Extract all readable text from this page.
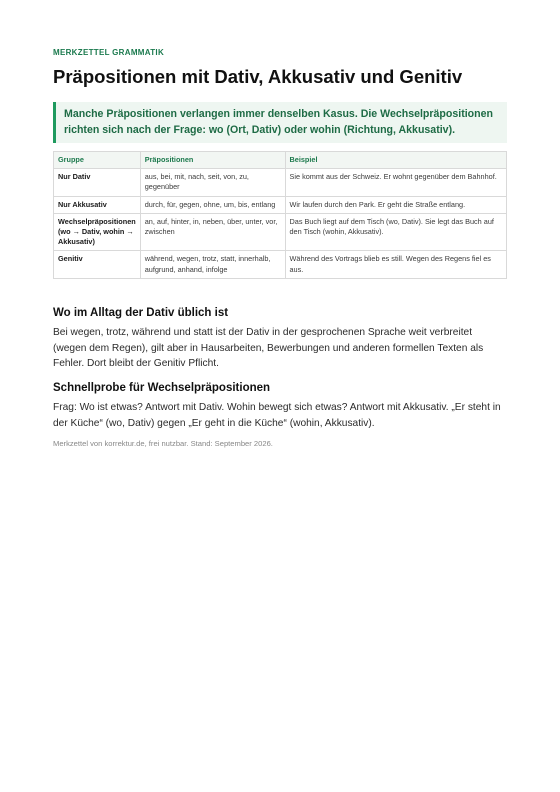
MERKZETTEL GRAMMATIK
Präpositionen mit Dativ, Akkusativ und Genitiv
Manche Präpositionen verlangen immer denselben Kasus. Die Wechselpräpositionen richten sich nach der Frage: wo (Ort, Dativ) oder wohin (Richtung, Akkusativ).
Gruppe	Präpositionen	Beispiel
Nur Dativ	aus, bei, mit, nach, seit, von, zu, gegenüber	Sie kommt aus der Schweiz. Er wohnt gegenüber dem Bahnhof.
Nur Akkusativ	durch, für, gegen, ohne, um, bis, entlang	Wir laufen durch den Park. Er geht die Straße entlang.
Wechselpräpositionen (wo → Dativ, wohin → Akkusativ)	an, auf, hinter, in, neben, über, unter, vor, zwischen	Das Buch liegt auf dem Tisch (wo, Dativ). Sie legt das Buch auf den Tisch (wohin, Akkusativ).
Genitiv	während, wegen, trotz, statt, innerhalb, aufgrund, anhand, infolge	Während des Vortrags blieb es still. Wegen des Regens fiel es aus.
Wo im Alltag der Dativ üblich ist

Bei wegen, trotz, während und statt ist der Dativ in der gesprochenen Sprache weit verbreitet (wegen dem Regen), gilt aber in Hausarbeiten, Bewerbungen und anderen formellen Texten als Fehler. Dort bleibt der Genitiv Pflicht.

Schnellprobe für Wechselpräpositionen

Frag: Wo ist etwas? Antwort mit Dativ. Wohin bewegt sich etwas? Antwort mit Akkusativ. „Er steht in der Küche“ (wo, Dativ) gegen „Er geht in die Küche“ (wohin, Akkusativ).

Merkzettel von korrektur.de, frei nutzbar. Stand: September 2026.
